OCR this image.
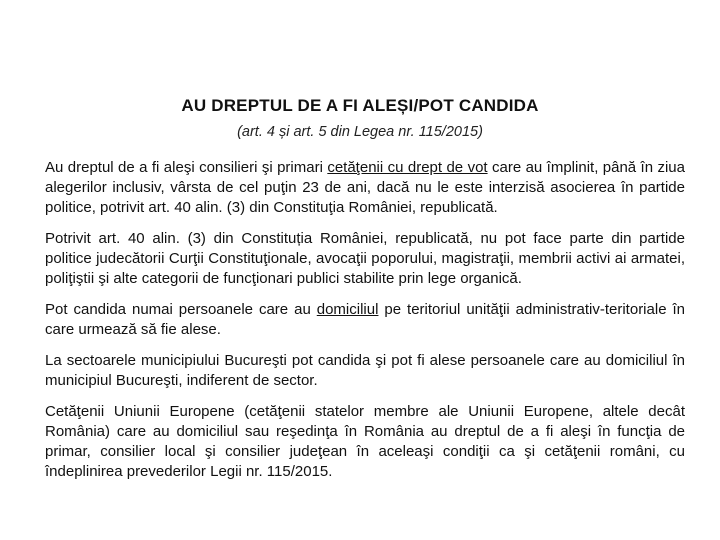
AU DREPTUL DE A FI ALEȘI/POT CANDIDA
(art. 4 și art. 5 din Legea nr. 115/2015)

Au dreptul de a fi aleşi consilieri şi primari cetăţenii cu drept de vot care au împlinit, până în ziua alegerilor inclusiv, vârsta de cel puţin 23 de ani, dacă nu le este interzisă asocierea în partide politice, potrivit art. 40 alin. (3) din Constituţia României, republicată.

Potrivit art. 40 alin. (3) din Constituția României, republicată, nu pot face parte din partide politice judecătorii Curţii Constituţionale, avocaţii poporului, magistraţii, membrii activi ai armatei, poliţiştii şi alte categorii de funcţionari publici stabilite prin lege organică.

Pot candida numai persoanele care au domiciliul pe teritoriul unităţii administrativ-teritoriale în care urmează să fie alese.

La sectoarele municipiului Bucureşti pot candida şi pot fi alese persoanele care au domiciliul în municipiul Bucureşti, indiferent de sector.

Cetăţenii Uniunii Europene (cetăţenii statelor membre ale Uniunii Europene, altele decât România) care au domiciliul sau reşedinţa în România au dreptul de a fi aleşi în funcţia de primar, consilier local şi consilier judeţean în aceleaşi condiţii ca şi cetăţenii români, cu îndeplinirea prevederilor Legii nr. 115/2015.
